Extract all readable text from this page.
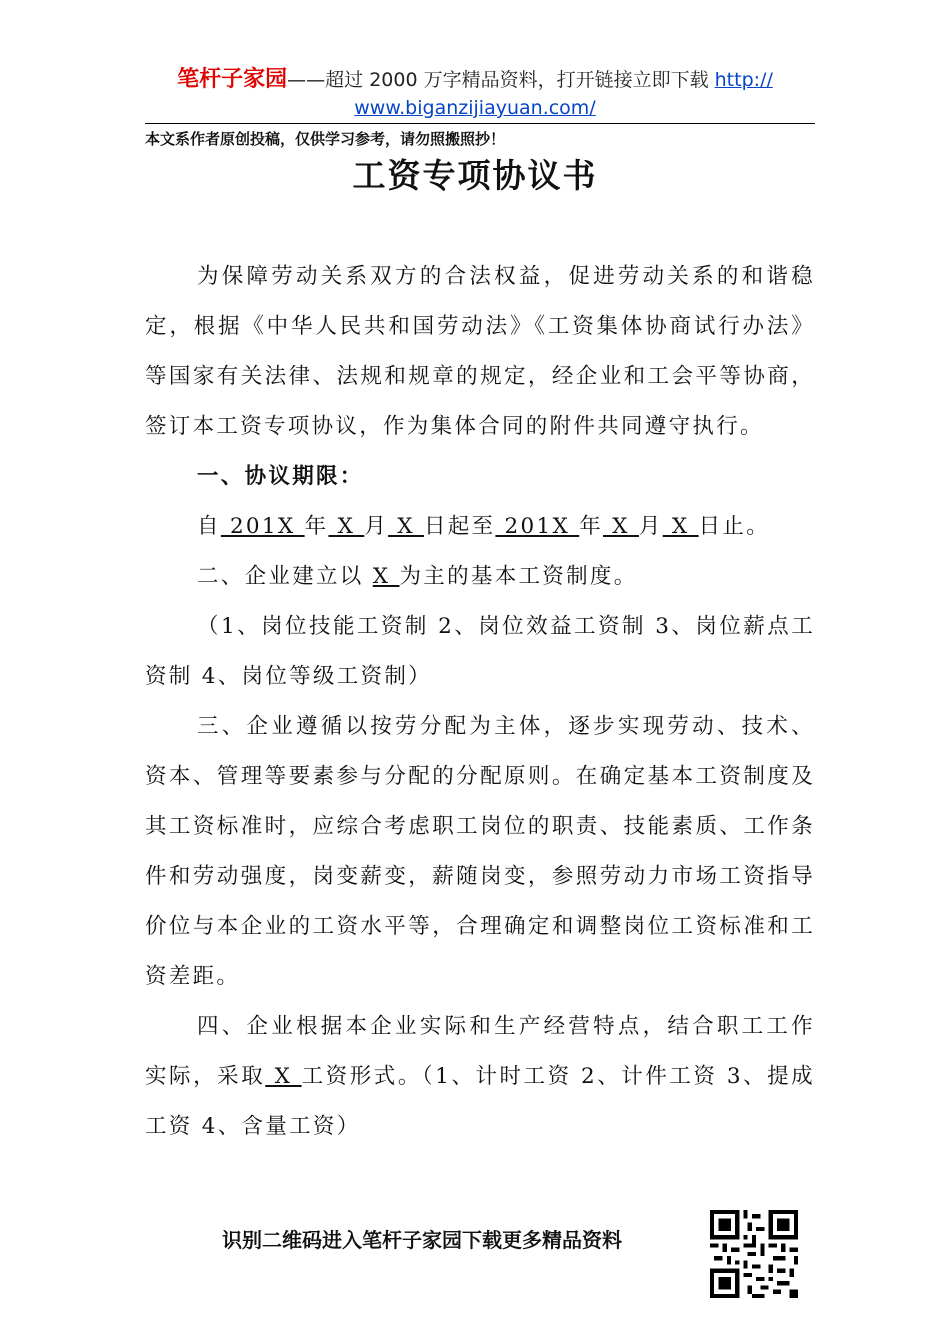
笔杆子家园——超过 2000 万字精品资料，打开链接立即下载 http://
www.biganzijiayuan.com/
本文系作者原创投稿，仅供学习参考，请勿照搬照抄！
工资专项协议书

为保障劳动关系双方的合法权益，促进劳动关系的和谐稳定，根据《中华人民共和国劳动法》《工资集体协商试行办法》等国家有关法律、法规和规章的规定，经企业和工会平等协商，签订本工资专项协议，作为集体合同的附件共同遵守执行。

一、协议期限：

自 201X 年 X 月 X 日起至 201X 年 X 月 X 日止。

二、企业建立以 X 为主的基本工资制度。

（1、岗位技能工资制 2、岗位效益工资制 3、岗位薪点工资制 4、岗位等级工资制）

三、企业遵循以按劳分配为主体，逐步实现劳动、技术、资本、管理等要素参与分配的分配原则。在确定基本工资制度及其工资标准时，应综合考虑职工岗位的职责、技能素质、工作条件和劳动强度，岗变薪变，薪随岗变，参照劳动力市场工资指导价位与本企业的工资水平等，合理确定和调整岗位工资标准和工资差距。

四、企业根据本企业实际和生产经营特点，结合职工工作实际，采取 X 工资形式。（1、计时工资 2、计件工资 3、提成工资 4、含量工资）

识别二维码进入笔杆子家园下载更多精品资料
